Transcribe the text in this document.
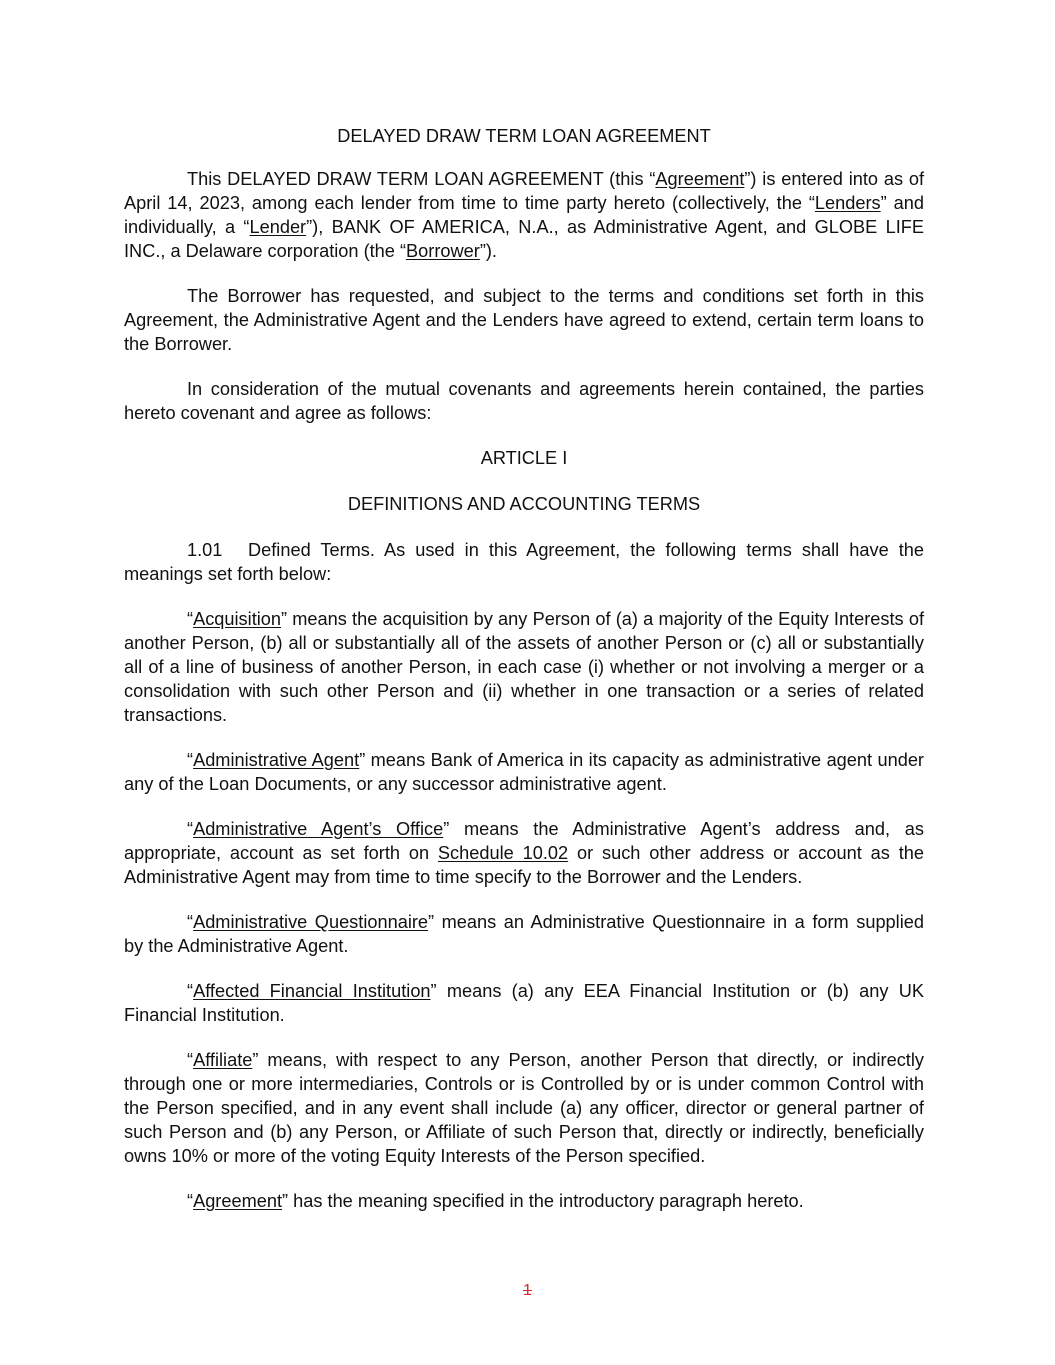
DELAYED DRAW TERM LOAN AGREEMENT

This DELAYED DRAW TERM LOAN AGREEMENT (this “Agreement”) is entered into as of April 14, 2023, among each lender from time to time party hereto (collectively, the “Lenders” and individually, a “Lender”), BANK OF AMERICA, N.A., as Administrative Agent, and GLOBE LIFE INC., a Delaware corporation (the “Borrower”).

The Borrower has requested, and subject to the terms and conditions set forth in this Agreement, the Administrative Agent and the Lenders have agreed to extend, certain term loans to the Borrower.

In consideration of the mutual covenants and agreements herein contained, the parties hereto covenant and agree as follows:

ARTICLE I
DEFINITIONS AND ACCOUNTING TERMS

1.01 Defined Terms. As used in this Agreement, the following terms shall have the meanings set forth below:

“Acquisition” means the acquisition by any Person of (a) a majority of the Equity Interests of another Person, (b) all or substantially all of the assets of another Person or (c) all or substantially all of a line of business of another Person, in each case (i) whether or not involving a merger or a consolidation with such other Person and (ii) whether in one transaction or a series of related transactions.

“Administrative Agent” means Bank of America in its capacity as administrative agent under any of the Loan Documents, or any successor administrative agent.

“Administrative Agent’s Office” means the Administrative Agent’s address and, as appropriate, account as set forth on Schedule 10.02 or such other address or account as the Administrative Agent may from time to time specify to the Borrower and the Lenders.

“Administrative Questionnaire” means an Administrative Questionnaire in a form supplied by the Administrative Agent.

“Affected Financial Institution” means (a) any EEA Financial Institution or (b) any UK Financial Institution.

“Affiliate” means, with respect to any Person, another Person that directly, or indirectly through one or more intermediaries, Controls or is Controlled by or is under common Control with the Person specified, and in any event shall include (a) any officer, director or general partner of such Person and (b) any Person, or Affiliate of such Person that, directly or indirectly, beneficially owns 10% or more of the voting Equity Interests of the Person specified.

“Agreement” has the meaning specified in the introductory paragraph hereto.

1
